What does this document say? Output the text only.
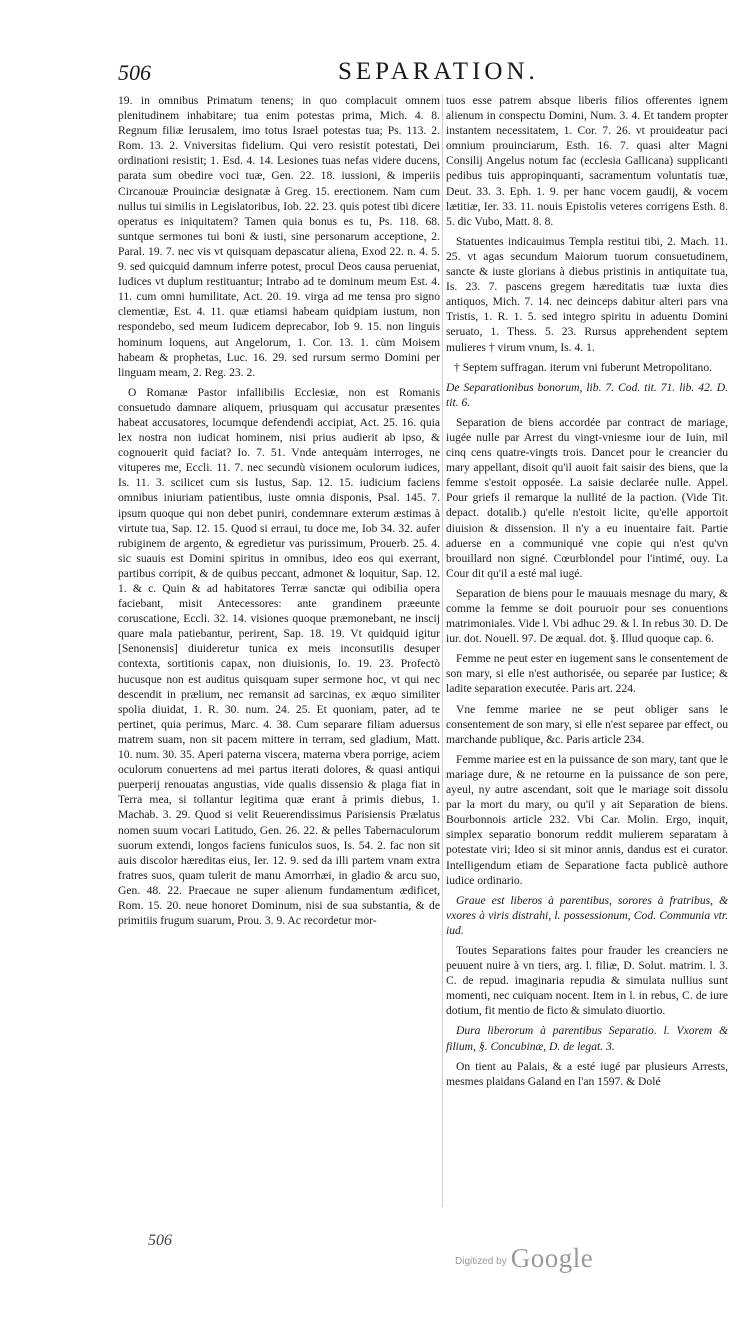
506	SEPARATION.

19. in omnibus Primatum tenens; in quo complacuit omnem plenitudinem inhabitare; tua enim potestas prima, Mich. 4. 8. Regnum filiæ Ierusalem, imo totus Israel potestas tua; Ps. 113. 2. Rom. 13. 2. Vniversitas fidelium. Qui vero resistit potestati, Dei ordinationi resistit; 1. Esd. 4. 14. Lesiones tuas nefas videre ducens, parata sum obedire voci tuæ, Gen. 22. 18. iussioni, & imperiis Circanouæ Prouinciæ designatæ à Greg. 15. erectionem. Nam cum nullus tui similis in Legislatoribus, Iob. 22. 23. quis potest tibi dicere operatus es iniquitatem? Tamen quia bonus es tu, Ps. 118. 68. suntque sermones tui boni & iusti, sine personarum acceptione, 2. Paral. 19. 7. nec vis vt quisquam depascatur aliena, Exod 22. n. 4. 5. 9. sed quicquid damnum inferre potest, procul Deos causa perueniat, Iudices vt duplum restituantur; Intrabo ad te dominum meum Est. 4. 11. cum omni humilitate, Act. 20. 19. virga ad me tensa pro signo clementiæ, Est. 4. 11. quæ etiamsi habeam quidpiam iustum, non respondebo, sed meum Iudicem deprecabor, Iob 9. 15. non linguis hominum loquens, aut Angelorum, 1. Cor. 13. 1. cùm Moisem habeam & prophetas, Luc. 16. 29. sed rursum sermo Domini per linguam meam, 2. Reg. 23. 2.

O Romanæ Pastor infallibilis Ecclesiæ, non est Romanis consuetudo damnare aliquem, priusquam qui accusatur præsentes habeat accusatores, locumque defendendi accipiat, Act. 25. 16. quia lex nostra non iudicat hominem, nisi prius audierit ab ipso, & cognouerit quid faciat? Io. 7. 51. Vnde antequàm interroges, ne vituperes me, Eccli. 11. 7. nec secundù visionem oculorum iudices, Is. 11. 3. scilicet cum sis Iustus, Sap. 12. 15. iudicium faciens omnibus iniuriam patientibus, iuste omnia disponis, Psal. 145. 7. ipsum quoque qui non debet puniri, condemnare exterum æstimas à virtute tua, Sap. 12. 15. Quod si erraui, tu doce me, Iob 34. 32. aufer rubiginem de argento, & egredietur vas purissimum, Prouerb. 25. 4. sic suauis est Domini spiritus in omnibus, ideo eos qui exerrant, partibus corripit, & de quibus peccant, admonet & loquitur, Sap. 12. 1. & c. Quin & ad habitatores Terræ sanctæ qui odibilia opera faciebant, misit Antecessores: ante grandinem præeunte coruscatione, Eccli. 32. 14. visiones quoque præmonebant, ne inscij quare mala patiebantur, perirent, Sap. 18. 19. Vt quidquid igitur [Senonensis] diuideretur tunica ex meis inconsutilis desuper contexta, sortitionis capax, non diuisionis, Io. 19. 23. Profectò hucusque non est auditus quisquam super sermone hoc, vt qui nec descendit in prælium, nec remansit ad sarcinas, ex æquo similiter spolia diuidat, 1. R. 30. num. 24. 25. Et quoniam, pater, ad te pertinet, quia perimus, Marc. 4. 38. Cum separare filiam aduersus matrem suam, non sit pacem mittere in terram, sed gladium, Matt. 10. num. 30. 35. Aperi paterna viscera, materna vbera porrige, aciem oculorum conuertens ad mei partus iterati dolores, & quasi antiqui puerperij renouatas angustias, vide qualis dissensio & plaga fiat in Terra mea, si tollantur legitima quæ erant à primis diebus, 1. Machab. 3. 29. Quod si velit Reuerendissimus Parisiensis Prælatus nomen suum vocari Latitudo, Gen. 26. 22. & pelles Tabernaculorum suorum extendi, longos faciens funiculos suos, Is. 54. 2. fac non sit auis discolor hæreditas eius, Ier. 12. 9. sed da illi partem vnam extra fratres suos, quam tulerit de manu Amorrhæi, in gladio & arcu suo, Gen. 48. 22. Praecaue ne super alienum fundamentum ædificet, Rom. 15. 20. neue honoret Dominum, nisi de sua substantia, & de primitiis frugum suarum, Prou. 3. 9. Ac recordetur mor-

tuos esse patrem absque liberis filios offerentes ignem alienum in conspectu Domini, Num. 3. 4. Et tandem propter instantem necessitatem, 1. Cor. 7. 26. vt prouideatur paci omnium prouinciarum, Esth. 16. 7. quasi alter Magni Consilij Angelus notum fac (ecclesia Gallicana) supplicanti pedibus tuis appropinquanti, sacramentum voluntatis tuæ, Deut. 33. 3. Eph. 1. 9. per hanc vocem gaudij, & vocem lætitiæ, Ier. 33. 11. nouis Epistolis veteres corrigens Esth. 8. 5. dic Vubo, Matt. 8. 8.

Statuentes indicauimus Templa restitui tibi, 2. Mach. 11. 25. vt agas secundum Maiorum tuorum consuetudinem, sancte & iuste glorians à diebus pristinis in antiquitate tua, Is. 23. 7. pascens gregem hæreditatis tuæ iuxta dies antiquos, Mich. 7. 14. nec deinceps dabitur alteri pars vna Tristis, 1. R. 1. 5. sed integro spiritu in aduentu Domini seruato, 1. Thess. 5. 23. Rursus apprehendent septem mulieres † virum vnum, Is. 4. 1.

† Septem suffragan. iterum vni fuberunt Metropolitano.

De Separationibus bonorum, lib. 7. Cod. tit. 71. lib. 42. D. tit. 6.

Separation de biens accordée par contract de mariage, iugée nulle par Arrest du vingt-vniesme iour de Iuin, mil cinq cens quatre-vingts trois. Dancet pour le creancier du mary appellant, disoit qu'il auoit fait saisir des biens, que la femme s'estoit opposée. La saisie declarée nulle. Appel. Pour griefs il remarque la nullité de la paction. (Vide Tit. depact. dotalib.) qu'elle n'estoit licite, qu'elle apportoit diuision & dissension. Il n'y a eu inuentaire fait. Partie aduerse en a communiqué vne copie qui n'est qu'vn brouillard non signé. Cœurblondel pour l'intimé, ouy. La Cour dit qu'il a esté mal iugé.

Separation de biens pour le mauuais mesnage du mary, & comme la femme se doit pouruoir pour ses conuentions matrimoniales. Vide l. Vbi adhuc 29. & l. In rebus 30. D. De iur. dot. Nouell. 97. De æqual. dot. §. Illud quoque cap. 6.

Femme ne peut ester en iugement sans le consentement de son mary, si elle n'est authorisée, ou separée par Iustice; & ladite separation executée. Paris art. 224.

Vne femme mariee ne se peut obliger sans le consentement de son mary, si elle n'est separee par effect, ou marchande publique, &c. Paris article 234.

Femme mariee est en la puissance de son mary, tant que le mariage dure, & ne retourne en la puissance de son pere, ayeul, ny autre ascendant, soit que le mariage soit dissolu par la mort du mary, ou qu'il y ait Separation de biens. Bourbonnois article 232. Vbi Car. Molin. Ergo, inquit, simplex separatio bonorum reddit mulierem separatam à potestate viri; Ideo si sit minor annis, dandus est ei curator. Intelligendum etiam de Separatione facta publicè authore iudice ordinario.

Graue est liberos à parentibus, sorores à fratribus, & vxores à viris distrahi, l. possessionum, Cod. Communia vtr. iud.

Toutes Separations faites pour frauder les creanciers ne peuuent nuire à vn tiers, arg. l. filiæ, D. Solut. matrim. l. 3. C. de repud. imaginaria repudia & simulata nullius sunt momenti, nec cuiquam nocent. Item in l. in rebus, C. de iure dotium, fit mentio de ficto & simulato diuortio.

Dura liberorum à parentibus Separatio. l. Vxorem & filium, §. Concubinæ, D. de legat. 3.

On tient au Palais, & a esté iugé par plusieurs Arrests, mesmes plaidans Galand en l'an 1597. & Dolé

506
Digitized by Google
